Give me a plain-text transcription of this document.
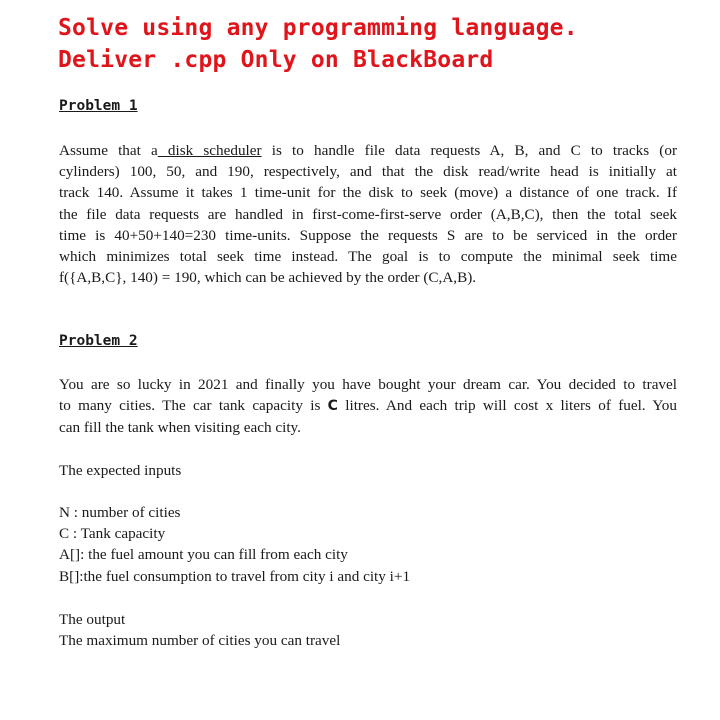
Solve using any programming language.
Deliver .cpp Only on BlackBoard
Problem 1
Assume that a disk scheduler is to handle file data requests A, B, and C to tracks (or
cylinders) 100, 50, and 190, respectively, and that the disk read/write head is initially at
track 140. Assume it takes 1 time-unit for the disk to seek (move) a distance of one track. If
the file data requests are handled in first-come-first-serve order (A,B,C), then the total seek
time is 40+50+140=230 time-units. Suppose the requests S are to be serviced in the order
which minimizes total seek time instead. The goal is to compute the minimal seek time
f({A,B,C}, 140) = 190, which can be achieved by the order (C,A,B).
Problem 2
You are so lucky in 2021 and finally you have bought your dream car. You decided to travel
to many cities. The car tank capacity is C litres. And each trip will cost x liters of fuel. You
can fill the tank when visiting each city.
The expected inputs
N : number of cities
C : Tank capacity
A[]: the fuel amount you can fill from each city
B[]:the fuel consumption to travel from city i and city i+1
The output
The maximum number of cities you can travel
